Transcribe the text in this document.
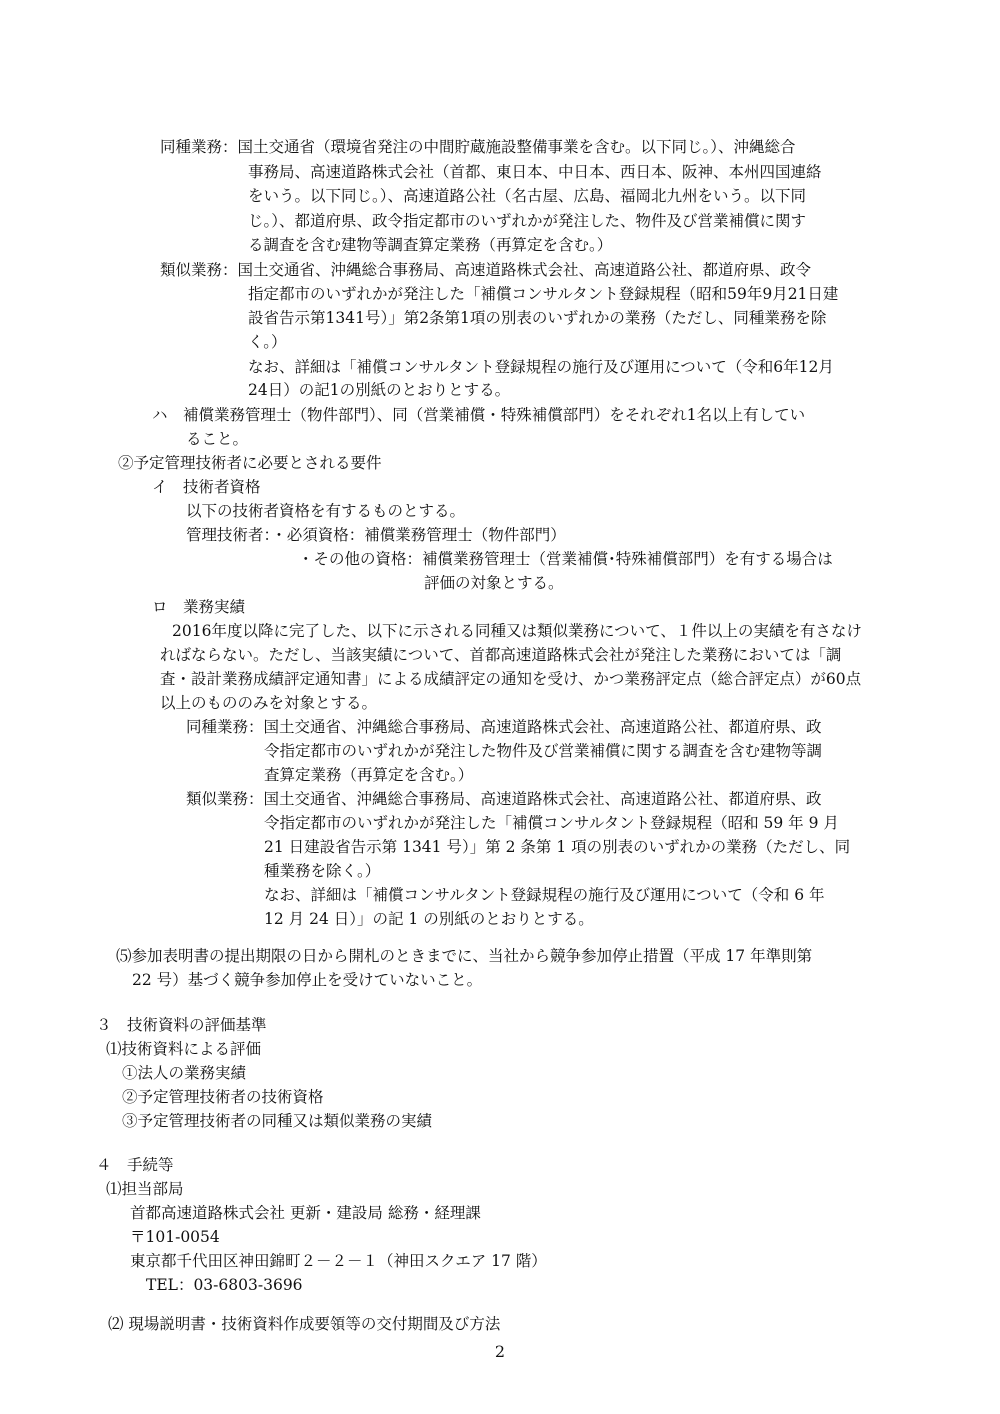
同種業務：国土交通省（環境省発注の中間貯蔵施設整備事業を含む。以下同じ。）、沖縄総合
事務局、高速道路株式会社（首都、東日本、中日本、西日本、阪神、本州四国連絡
をいう。以下同じ。）、高速道路公社（名古屋、広島、福岡北九州をいう。以下同
じ。）、都道府県、政令指定都市のいずれかが発注した、物件及び営業補償に関す
る調査を含む建物等調査算定業務（再算定を含む。）
類似業務：国土交通省、沖縄総合事務局、高速道路株式会社、高速道路公社、都道府県、政令
指定都市のいずれかが発注した「補償コンサルタント登録規程（昭和59年9月21日建
設省告示第1341号）」第2条第1項の別表のいずれかの業務（ただし、同種業務を除
く。）
なお、詳細は「補償コンサルタント登録規程の施行及び運用について（令和6年12月
24日）の記1の別紙のとおりとする。
ハ　補償業務管理士（物件部門）、同（営業補償・特殊補償部門）をそれぞれ1名以上有してい
ること。
②予定管理技術者に必要とされる要件
イ　技術者資格
以下の技術者資格を有するものとする。
管理技術者：・必須資格：補償業務管理士（物件部門）
・その他の資格：補償業務管理士（営業補償･特殊補償部門）を有する場合は
評価の対象とする。
ロ　業務実績
2016年度以降に完了した、以下に示される同種又は類似業務について、１件以上の実績を有さなけ
ればならない。ただし、当該実績について、首都高速道路株式会社が発注した業務においては「調
査・設計業務成績評定通知書」による成績評定の通知を受け、かつ業務評定点（総合評定点）が60点
以上のもののみを対象とする。
同種業務：国土交通省、沖縄総合事務局、高速道路株式会社、高速道路公社、都道府県、政
令指定都市のいずれかが発注した物件及び営業補償に関する調査を含む建物等調
査算定業務（再算定を含む｡）
類似業務：国土交通省、沖縄総合事務局、高速道路株式会社、高速道路公社、都道府県、政
令指定都市のいずれかが発注した「補償コンサルタント登録規程（昭和 59 年 9 月
21 日建設省告示第 1341 号）」第 2 条第 1 項の別表のいずれかの業務（ただし、同
種業務を除く｡）
なお、詳細は「補償コンサルタント登録規程の施行及び運用について（令和 6 年
12 月 24 日）」の記 1 の別紙のとおりとする。
⑸参加表明書の提出期限の日から開札のときまでに、当社から競争参加停止措置（平成 17 年準則第
22 号）基づく競争参加停止を受けていないこと。
３　技術資料の評価基準
⑴技術資料による評価
①法人の業務実績
②予定管理技術者の技術資格
③予定管理技術者の同種又は類似業務の実績
４　手続等
⑴担当部局
首都高速道路株式会社 更新・建設局 総務・経理課
〒101-0054
東京都千代田区神田錦町２－２－１（神田スクエア 17 階）
TEL：03-6803-3696
⑵ 現場説明書・技術資料作成要領等の交付期間及び方法
2
